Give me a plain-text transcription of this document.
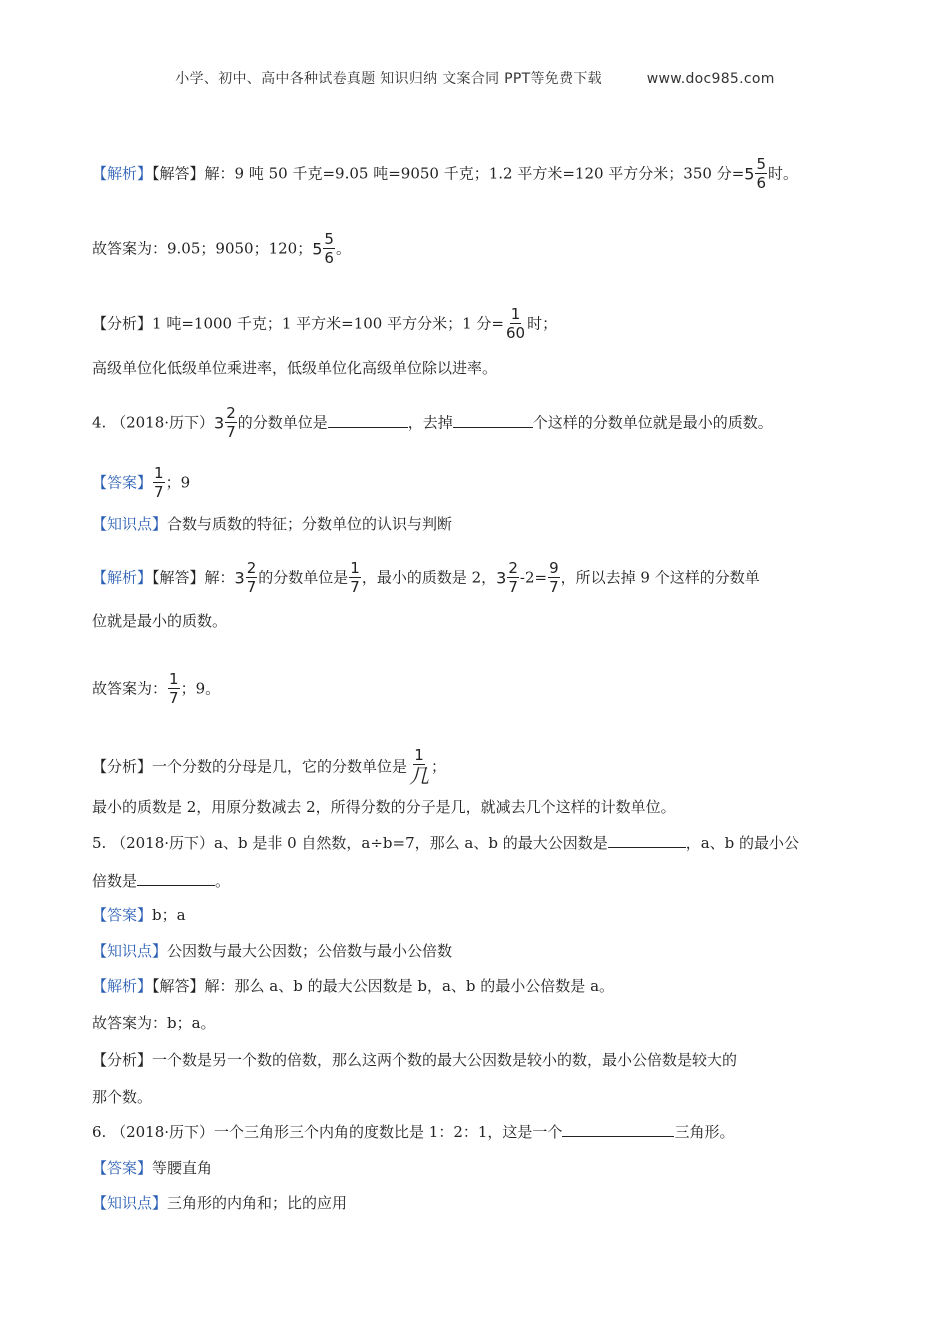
小学、初中、高中各种试卷真题 知识归纳 文案合同 PPT等免费下载	www.doc985.com
【解析】【解答】解：9 吨 50 千克=9.05 吨=9050 千克；1.2 平方米=120 平方分米；350 分$=5 \frac{5}{6}$ 时。
故答案为：9.05；9050；120；$5 \frac{5}{6}$ 。
【分析】1 吨=1000 千克；1 平方米=100 平方分米；1 分= $\frac{1}{60}$ 时；
高级单位化低级单位乘进率，低级单位化高级单位除以进率。
4. （2018·历下）$3 \frac{2}{7}$ 的分数单位是	，去掉	个这样的分数单位就是最小的质数。
【答案】 $\frac{1}{7}$ ；9
【知识点】合数与质数的特征；分数单位的认识与判断
【解析】【解答】解：$3 \frac{2}{7}$ 的分数单位是 $\frac{1}{7}$ ，最小的质数是 2，$3 \frac{2}{7} -2= \frac{9}{7}$ ，所以去掉 9 个这样的分数单
位就是最小的质数。
故答案为： $\frac{1}{7}$ ；9。
【分析】一个分数的分母是几，它的分数单位是 $\frac{1}{\text{几}}$ ；
最小的质数是 2，用原分数减去 2，所得分数的分子是几，就减去几个这样的计数单位。
5. （2018·历下）a、b 是非 0 自然数，a÷b=7，那么 a、b 的最大公因数是	，a、b 的最小公
倍数是	。
【答案】b；a
【知识点】公因数与最大公因数；公倍数与最小公倍数
【解析】【解答】解：那么 a、b 的最大公因数是 b，a、b 的最小公倍数是 a。
故答案为：b；a。
【分析】一个数是另一个数的倍数，那么这两个数的最大公因数是较小的数，最小公倍数是较大的
那个数。
6. （2018·历下）一个三角形三个内角的度数比是 1：2：1，这是一个	三角形。
【答案】等腰直角
【知识点】三角形的内角和；比的应用
